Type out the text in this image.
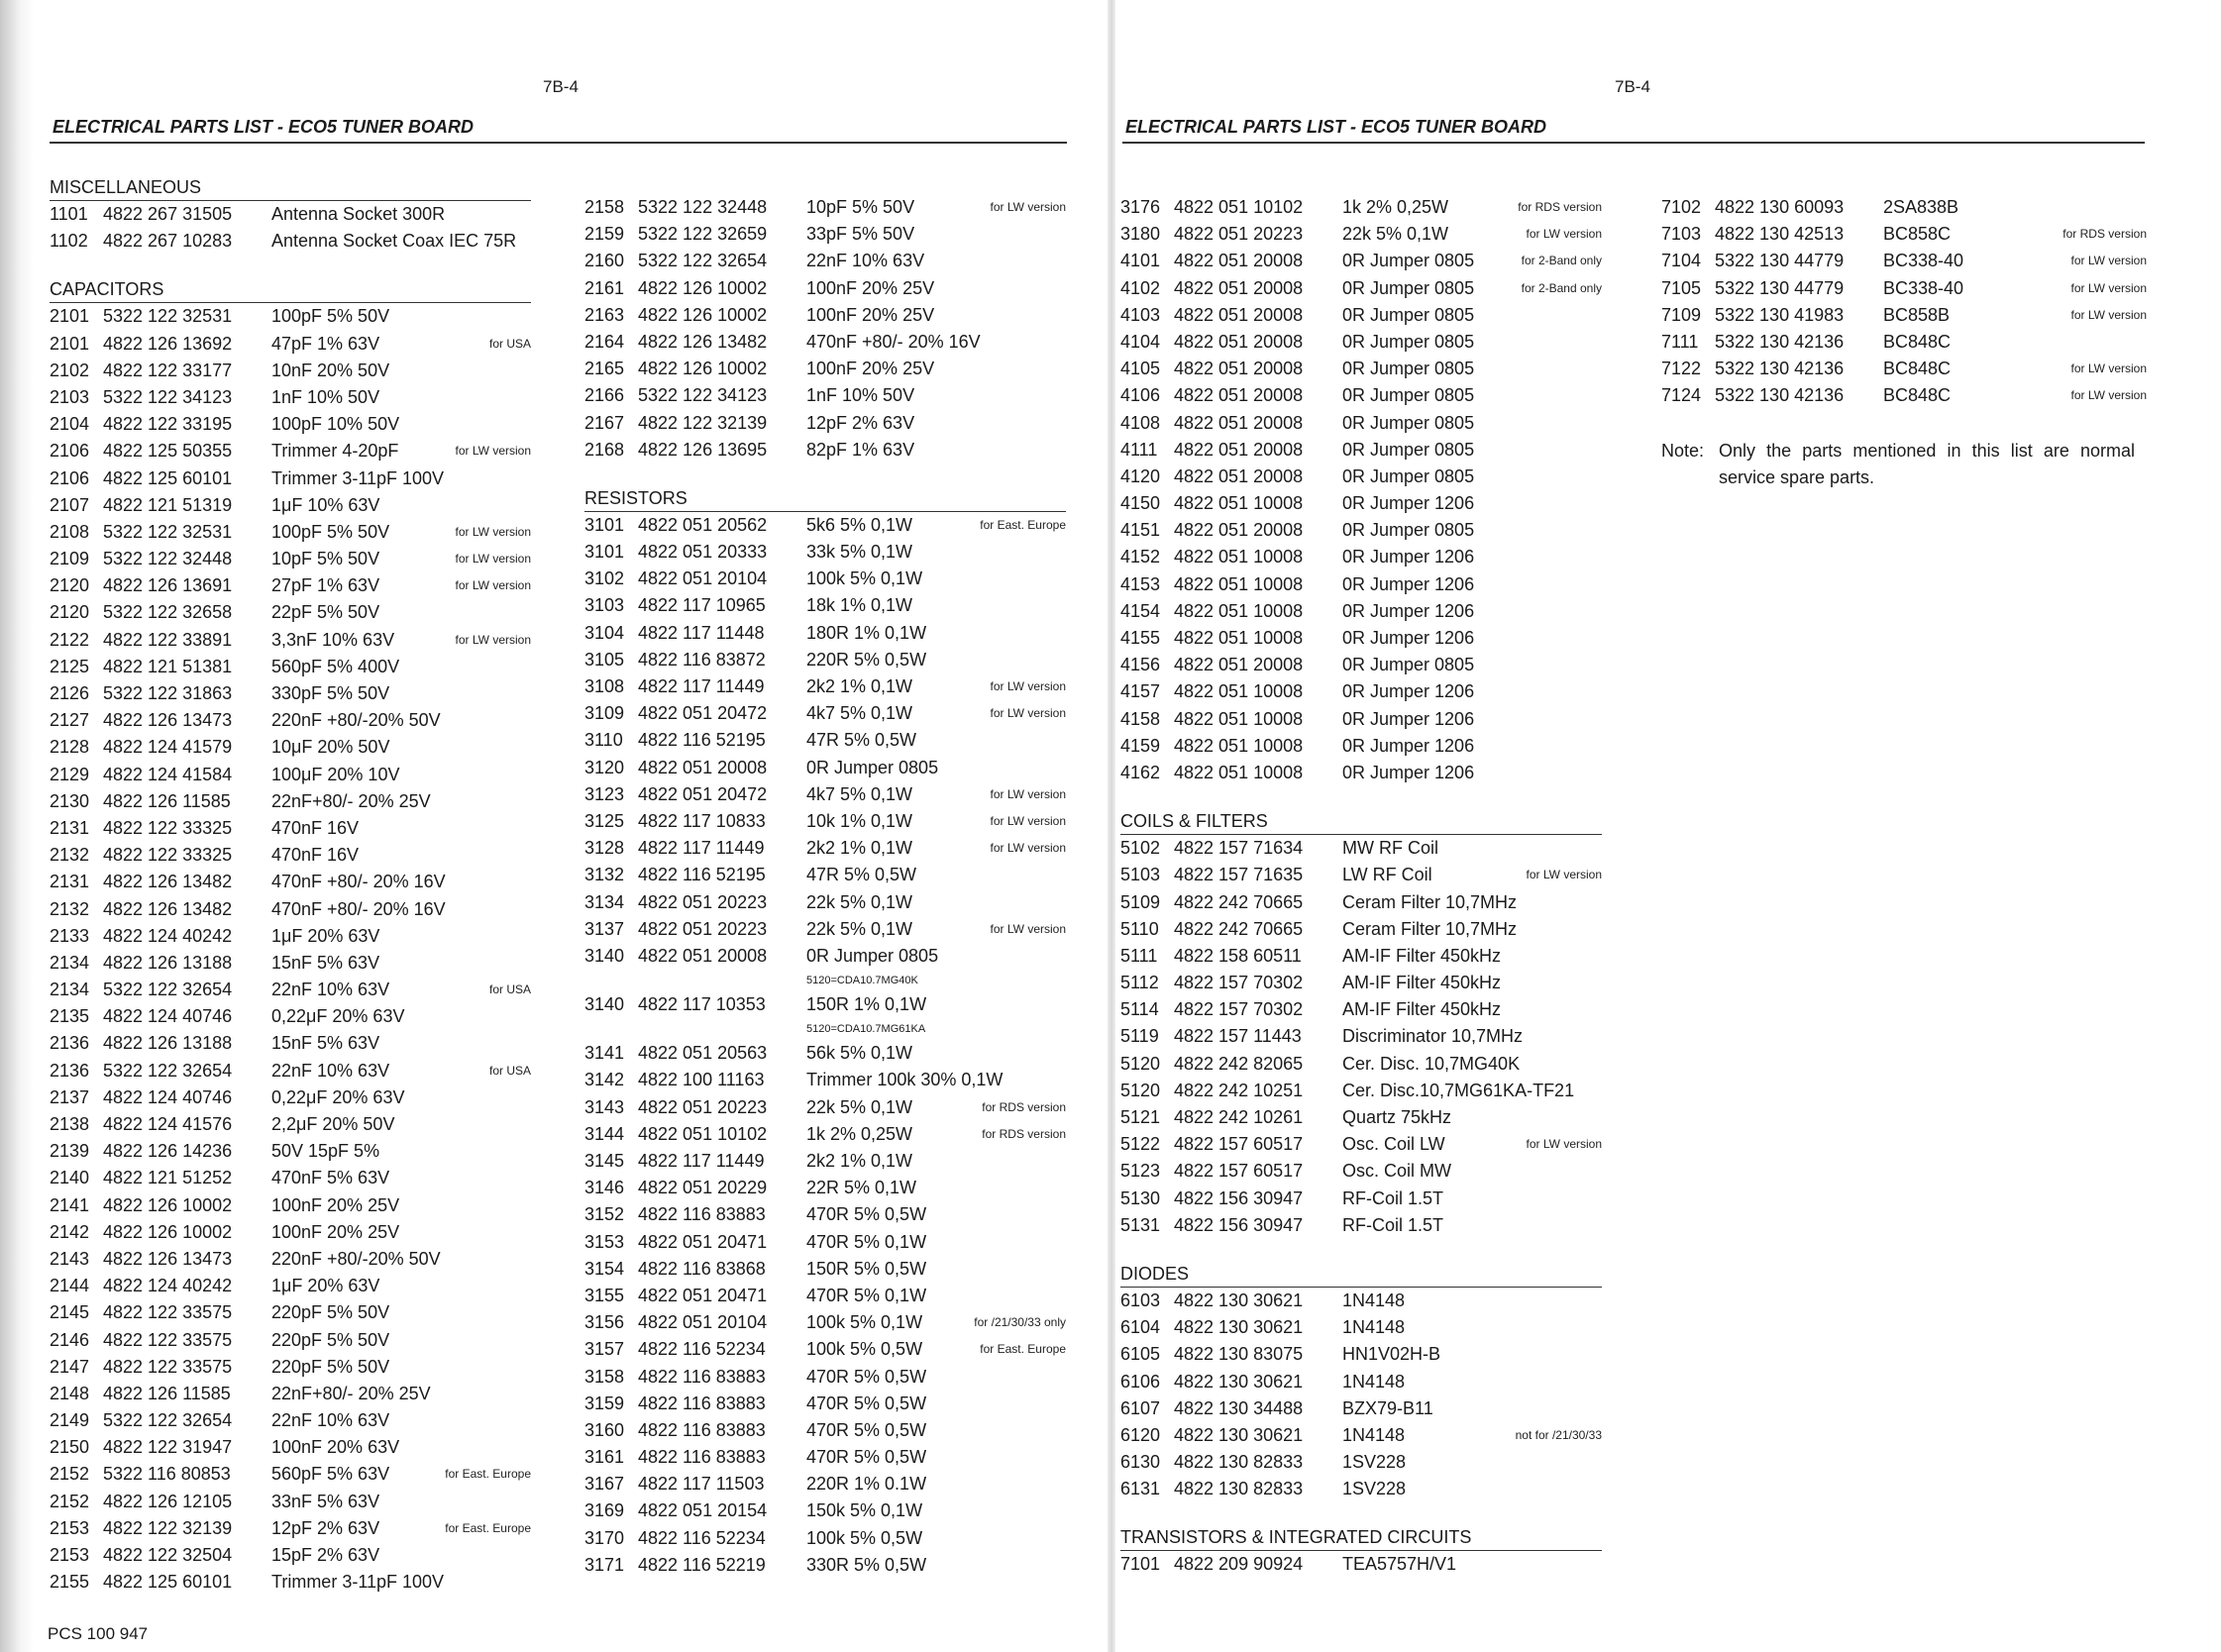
7B-4
ELECTRICAL PARTS LIST - ECO5 TUNER BOARD
7B-4
ELECTRICAL PARTS LIST - ECO5 TUNER BOARD
MISCELLANEOUS
1101 4822 267 31505	Antenna Socket 300R
1102 4822 267 10283	Antenna Socket Coax IEC 75R
CAPACITORS
2101 5322 122 32531	100pF 5% 50V
2101 4822 126 13692	47pF 1% 63V	for USA
2102 4822 122 33177	10nF 20% 50V
2103 5322 122 34123	1nF 10% 50V
2104 4822 122 33195	100pF 10% 50V
2106 4822 125 50355	Trimmer 4-20pF	for LW version
2106 4822 125 60101	Trimmer 3-11pF 100V
2107 4822 121 51319	1μF 10% 63V
2108 5322 122 32531	100pF 5% 50V	for LW version
2109 5322 122 32448	10pF 5% 50V	for LW version
2120 4822 126 13691	27pF 1% 63V	for LW version
2120 5322 122 32658	22pF 5% 50V
2122 4822 122 33891	3,3nF 10% 63V	for LW version
2125 4822 121 51381	560pF 5% 400V
2126 5322 122 31863	330pF 5% 50V
2127 4822 126 13473	220nF +80/-20% 50V
2128 4822 124 41579	10μF 20% 50V
2129 4822 124 41584	100μF 20% 10V
2130 4822 126 11585	22nF+80/- 20% 25V
2131 4822 122 33325	470nF 16V
2132 4822 122 33325	470nF 16V
2131 4822 126 13482	470nF +80/- 20% 16V
2132 4822 126 13482	470nF +80/- 20% 16V
2133 4822 124 40242	1μF 20% 63V
2134 4822 126 13188	15nF 5% 63V
2134 5322 122 32654	22nF 10% 63V	for USA
2135 4822 124 40746	0,22μF 20% 63V
2136 4822 126 13188	15nF 5% 63V
2136 5322 122 32654	22nF 10% 63V	for USA
2137 4822 124 40746	0,22μF 20% 63V
2138 4822 124 41576	2,2μF 20% 50V
2139 4822 126 14236	50V 15pF 5%
2140 4822 121 51252	470nF 5% 63V
2141 4822 126 10002	100nF 20% 25V
2142 4822 126 10002	100nF 20% 25V
2143 4822 126 13473	220nF +80/-20% 50V
2144 4822 124 40242	1μF 20% 63V
2145 4822 122 33575	220pF 5% 50V
2146 4822 122 33575	220pF 5% 50V
2147 4822 122 33575	220pF 5% 50V
2148 4822 126 11585	22nF+80/- 20% 25V
2149 5322 122 32654	22nF 10% 63V
2150 4822 122 31947	100nF 20% 63V
2152 5322 116 80853	560pF 5% 63V	for East. Europe
2152 4822 126 12105	33nF 5% 63V
2153 4822 122 32139	12pF 2% 63V	for East. Europe
2153 4822 122 32504	15pF 2% 63V
2155 4822 125 60101	Trimmer 3-11pF 100V
2158 5322 122 32448	10pF 5% 50V	for LW version
2159 5322 122 32659	33pF 5% 50V
2160 5322 122 32654	22nF 10% 63V
2161 4822 126 10002	100nF 20% 25V
2163 4822 126 10002	100nF 20% 25V
2164 4822 126 13482	470nF +80/- 20% 16V
2165 4822 126 10002	100nF 20% 25V
2166 5322 122 34123	1nF 10% 50V
2167 4822 122 32139	12pF 2% 63V
2168 4822 126 13695	82pF 1% 63V
RESISTORS
3101 4822 051 20562	5k6 5% 0,1W	for East. Europe
3101 4822 051 20333	33k 5% 0,1W
3102 4822 051 20104	100k 5% 0,1W
3103 4822 117 10965	18k 1% 0,1W
3104 4822 117 11448	180R 1% 0,1W
3105 4822 116 83872	220R 5% 0,5W
3108 4822 117 11449	2k2 1% 0,1W	for LW version
3109 4822 051 20472	4k7 5% 0,1W	for LW version
3110 4822 116 52195	47R 5% 0,5W
3120 4822 051 20008	0R Jumper 0805
3123 4822 051 20472	4k7 5% 0,1W	for LW version
3125 4822 117 10833	10k 1% 0,1W	for LW version
3128 4822 117 11449	2k2 1% 0,1W	for LW version
3132 4822 116 52195	47R 5% 0,5W
3134 4822 051 20223	22k 5% 0,1W
3137 4822 051 20223	22k 5% 0,1W	for LW version
3140 4822 051 20008	0R Jumper 0805
5120=CDA10.7MG40K
3140 4822 117 10353	150R 1% 0,1W
5120=CDA10.7MG61KA
3141 4822 051 20563	56k 5% 0,1W
3142 4822 100 11163	Trimmer 100k 30% 0,1W
3143 4822 051 20223	22k 5% 0,1W	for RDS version
3144 4822 051 10102	1k 2% 0,25W	for RDS version
3145 4822 117 11449	2k2 1% 0,1W
3146 4822 051 20229	22R 5% 0,1W
3152 4822 116 83883	470R 5% 0,5W
3153 4822 051 20471	470R 5% 0,1W
3154 4822 116 83868	150R 5% 0,5W
3155 4822 051 20471	470R 5% 0,1W
3156 4822 051 20104	100k 5% 0,1W	for /21/30/33 only
3157 4822 116 52234	100k 5% 0,5W	for East. Europe
3158 4822 116 83883	470R 5% 0,5W
3159 4822 116 83883	470R 5% 0,5W
3160 4822 116 83883	470R 5% 0,5W
3161 4822 116 83883	470R 5% 0,5W
3167 4822 117 11503	220R 1% 0.1W
3169 4822 051 20154	150k 5% 0,1W
3170 4822 116 52234	100k 5% 0,5W
3171 4822 116 52219	330R 5% 0,5W
3176 4822 051 10102	1k 2% 0,25W	for RDS version
3180 4822 051 20223	22k 5% 0,1W	for LW version
4101 4822 051 20008	0R Jumper 0805	for 2-Band only
4102 4822 051 20008	0R Jumper 0805	for 2-Band only
4103 4822 051 20008	0R Jumper 0805
4104 4822 051 20008	0R Jumper 0805
4105 4822 051 20008	0R Jumper 0805
4106 4822 051 20008	0R Jumper 0805
4108 4822 051 20008	0R Jumper 0805
4111 4822 051 20008	0R Jumper 0805
4120 4822 051 20008	0R Jumper 0805
4150 4822 051 10008	0R Jumper 1206
4151 4822 051 20008	0R Jumper 0805
4152 4822 051 10008	0R Jumper 1206
4153 4822 051 10008	0R Jumper 1206
4154 4822 051 10008	0R Jumper 1206
4155 4822 051 10008	0R Jumper 1206
4156 4822 051 20008	0R Jumper 0805
4157 4822 051 10008	0R Jumper 1206
4158 4822 051 10008	0R Jumper 1206
4159 4822 051 10008	0R Jumper 1206
4162 4822 051 10008	0R Jumper 1206
COILS & FILTERS
5102 4822 157 71634	MW RF Coil
5103 4822 157 71635	LW RF Coil	for LW version
5109 4822 242 70665	Ceram Filter 10,7MHz
5110 4822 242 70665	Ceram Filter 10,7MHz
5111 4822 158 60511	AM-IF Filter 450kHz
5112 4822 157 70302	AM-IF Filter 450kHz
5114 4822 157 70302	AM-IF Filter 450kHz
5119 4822 157 11443	Discriminator 10,7MHz
5120 4822 242 82065	Cer. Disc. 10,7MG40K
5120 4822 242 10251	Cer. Disc.10,7MG61KA-TF21
5121 4822 242 10261	Quartz 75kHz
5122 4822 157 60517	Osc. Coil LW	for LW version
5123 4822 157 60517	Osc. Coil MW
5130 4822 156 30947	RF-Coil 1.5T
5131 4822 156 30947	RF-Coil 1.5T
DIODES
6103 4822 130 30621	1N4148
6104 4822 130 30621	1N4148
6105 4822 130 83075	HN1V02H-B
6106 4822 130 30621	1N4148
6107 4822 130 34488	BZX79-B11
6120 4822 130 30621	1N4148	not for /21/30/33
6130 4822 130 82833	1SV228
6131 4822 130 82833	1SV228
TRANSISTORS & INTEGRATED CIRCUITS
7101 4822 209 90924	TEA5757H/V1
7102 4822 130 60093	2SA838B
7103 4822 130 42513	BC858C	for RDS version
7104 5322 130 44779	BC338-40	for LW version
7105 5322 130 44779	BC338-40	for LW version
7109 5322 130 41983	BC858B	for LW version
7111 5322 130 42136	BC848C
7122 5322 130 42136	BC848C	for LW version
7124 5322 130 42136	BC848C	for LW version
Note: Only the parts mentioned in this list are normal service spare parts.
PCS 100 947
